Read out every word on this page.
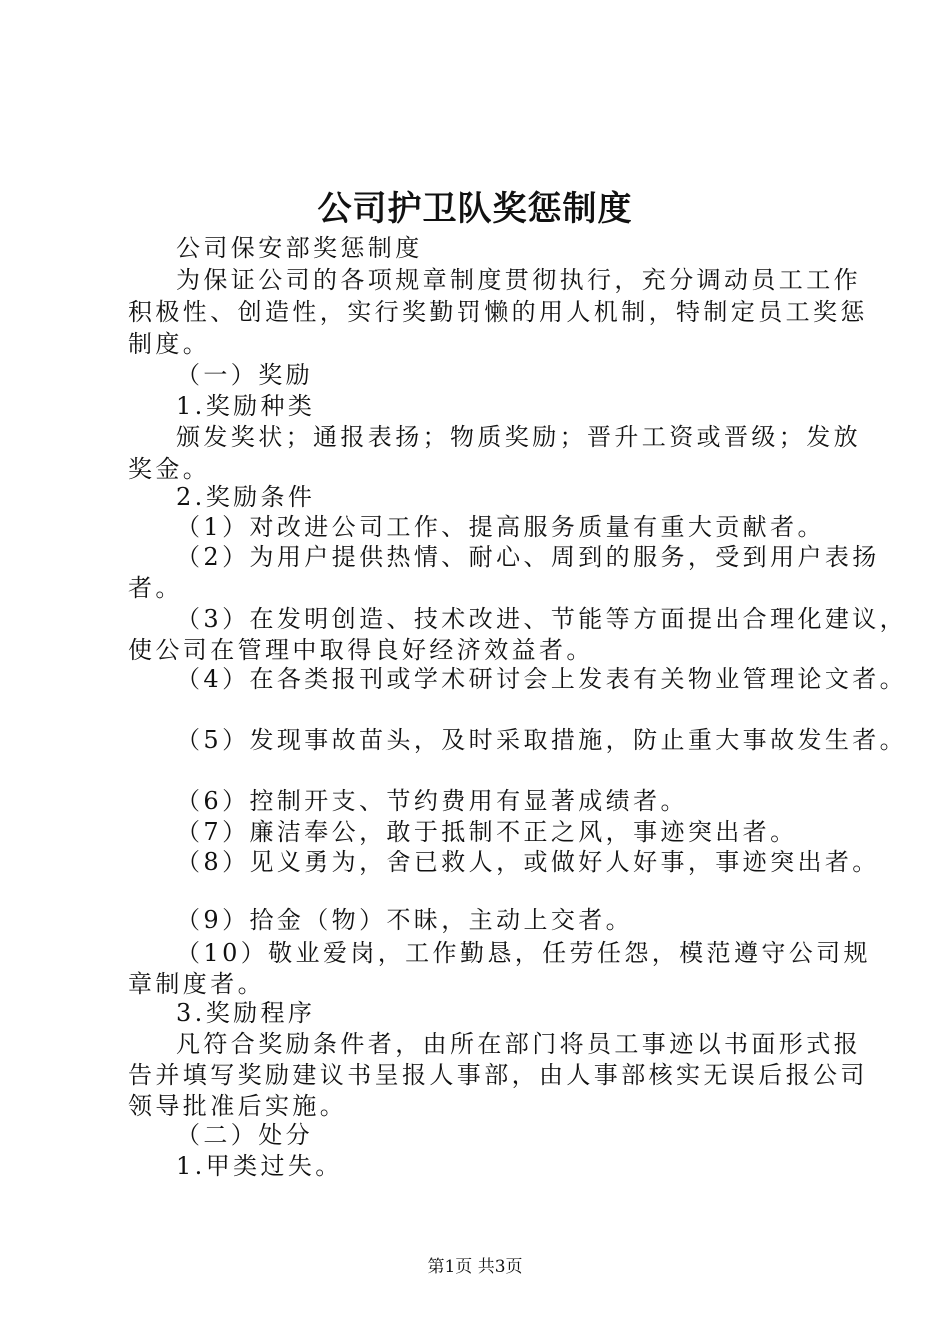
公司护卫队奖惩制度
公司保安部奖惩制度
为保证公司的各项规章制度贯彻执行，充分调动员工工作
积极性、创造性，实行奖勤罚懒的用人机制，特制定员工奖惩
制度。
（一）奖励
1.奖励种类
颁发奖状；通报表扬；物质奖励；晋升工资或晋级；发放
奖金。
2.奖励条件
（1）对改进公司工作、提高服务质量有重大贡献者。
（2）为用户提供热情、耐心、周到的服务，受到用户表扬
者。
（3）在发明创造、技术改进、节能等方面提出合理化建议，
使公司在管理中取得良好经济效益者。
（4）在各类报刊或学术研讨会上发表有关物业管理论文者。
（5）发现事故苗头，及时采取措施，防止重大事故发生者。
（6）控制开支、节约费用有显著成绩者。
（7）廉洁奉公，敢于抵制不正之风，事迹突出者。
（8）见义勇为，舍已救人，或做好人好事，事迹突出者。
（9）拾金（物）不昧，主动上交者。
（10）敬业爱岗，工作勤恳，任劳任怨，模范遵守公司规
章制度者。
3.奖励程序
凡符合奖励条件者，由所在部门将员工事迹以书面形式报
告并填写奖励建议书呈报人事部，由人事部核实无误后报公司
领导批准后实施。
（二）处分
1.甲类过失。
第1页 共3页
